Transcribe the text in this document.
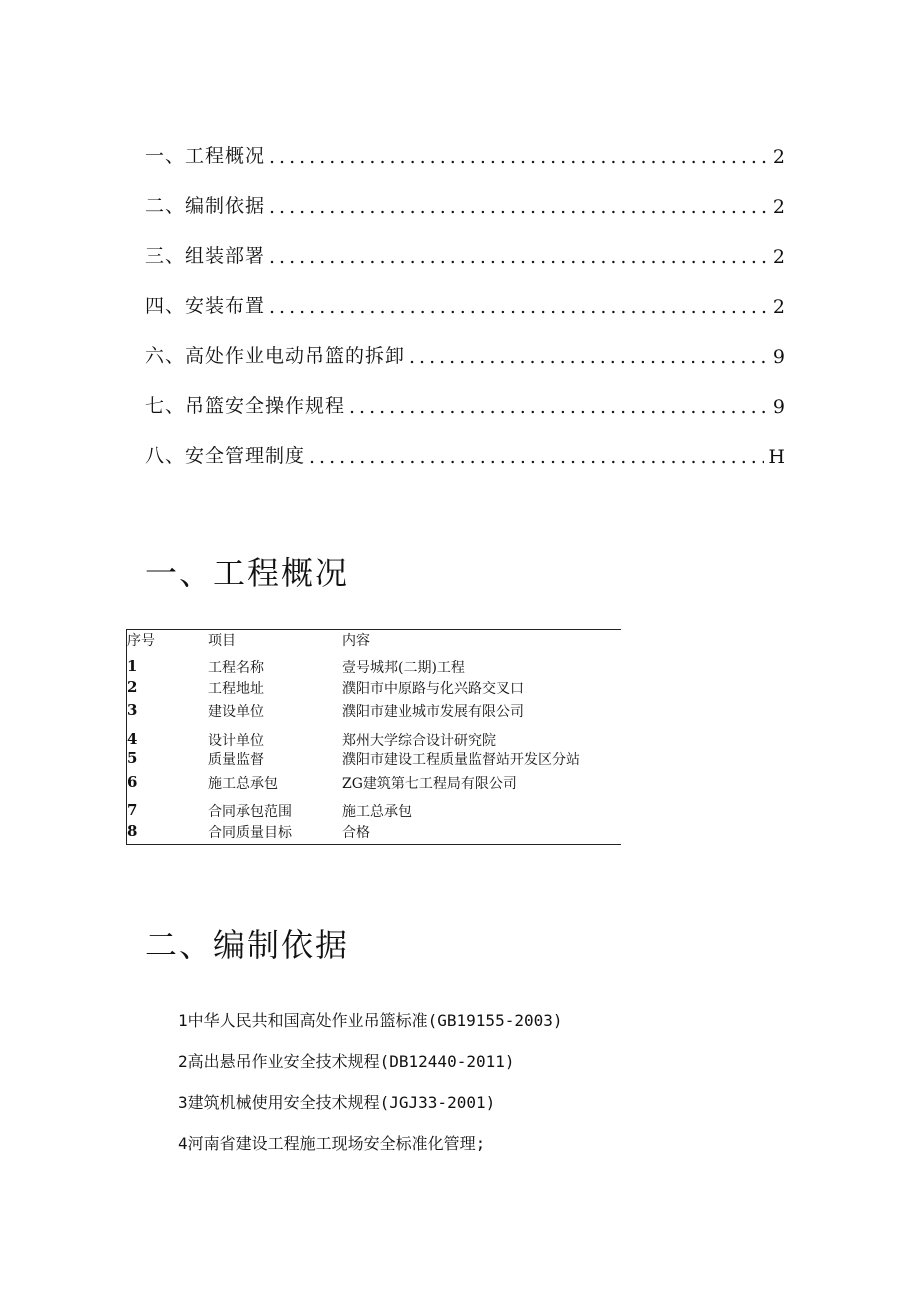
一、工程概况 .....	2
二、编制依据 .....	2
三、组装部署 .....	2
四、安装布置 .....	2
六、高处作业电动吊篮的拆卸 .....	9
七、吊篮安全操作规程 .....	9
八、安全管理制度 .....	H
一、工程概况
序号	项目	内容
1	工程名称	壹号城邦(二期)工程
2	工程地址	濮阳市中原路与化兴路交叉口
3	建设单位	濮阳市建业城市发展有限公司
4	设计单位	郑州大学综合设计研究院
5	质量监督	濮阳市建设工程质量监督站开发区分站
6	施工总承包	ZG建筑第七工程局有限公司
7	合同承包范围	施工总承包
8	合同质量目标	合格
二、编制依据
1中华人民共和国高处作业吊篮标准(GB19155-2003)
2高出悬吊作业安全技术规程(DB12440-2011)
3建筑机械使用安全技术规程(JGJ33-2001)
4河南省建设工程施工现场安全标准化管理;
